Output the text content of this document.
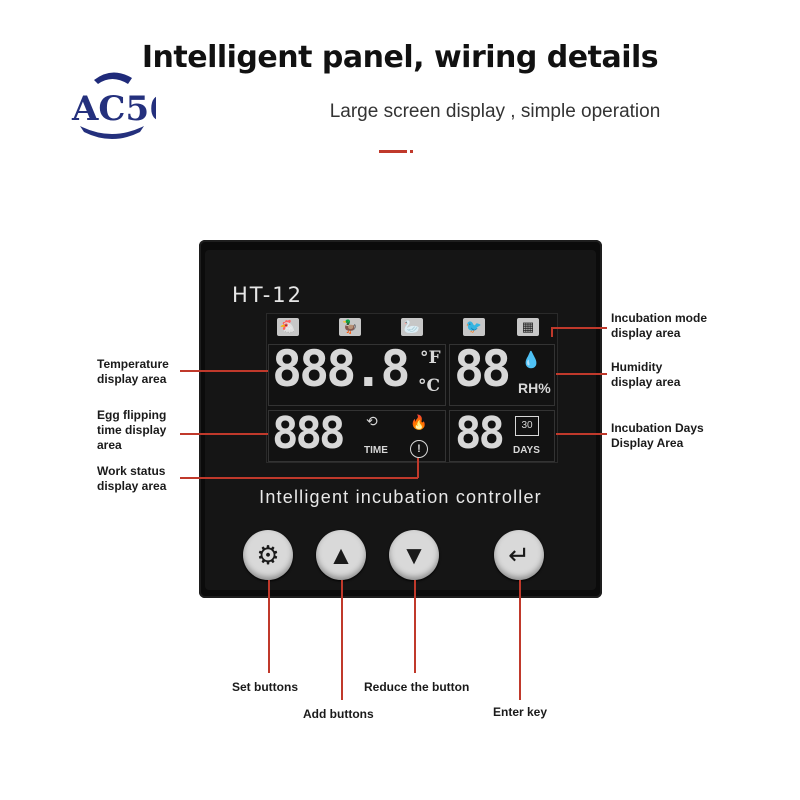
AC5
· AC56 ·
Intelligent panel, wiring details
Large screen display , simple operation
HT-12
🐔	🦆	🦢	🐦	▦
888.8 °F
°C 88 💧
RH%
888 TIME
⟲ 🔥
! 88	30
DAYS
Intelligent incubation controller
⚙	▲	▼	↵
Incubation mode display area
Humidity display area
Incubation Days Display Area
Temperature display area
Egg flipping time display area
Work status display area
Set buttons
Add buttons
Reduce the button
Enter key
